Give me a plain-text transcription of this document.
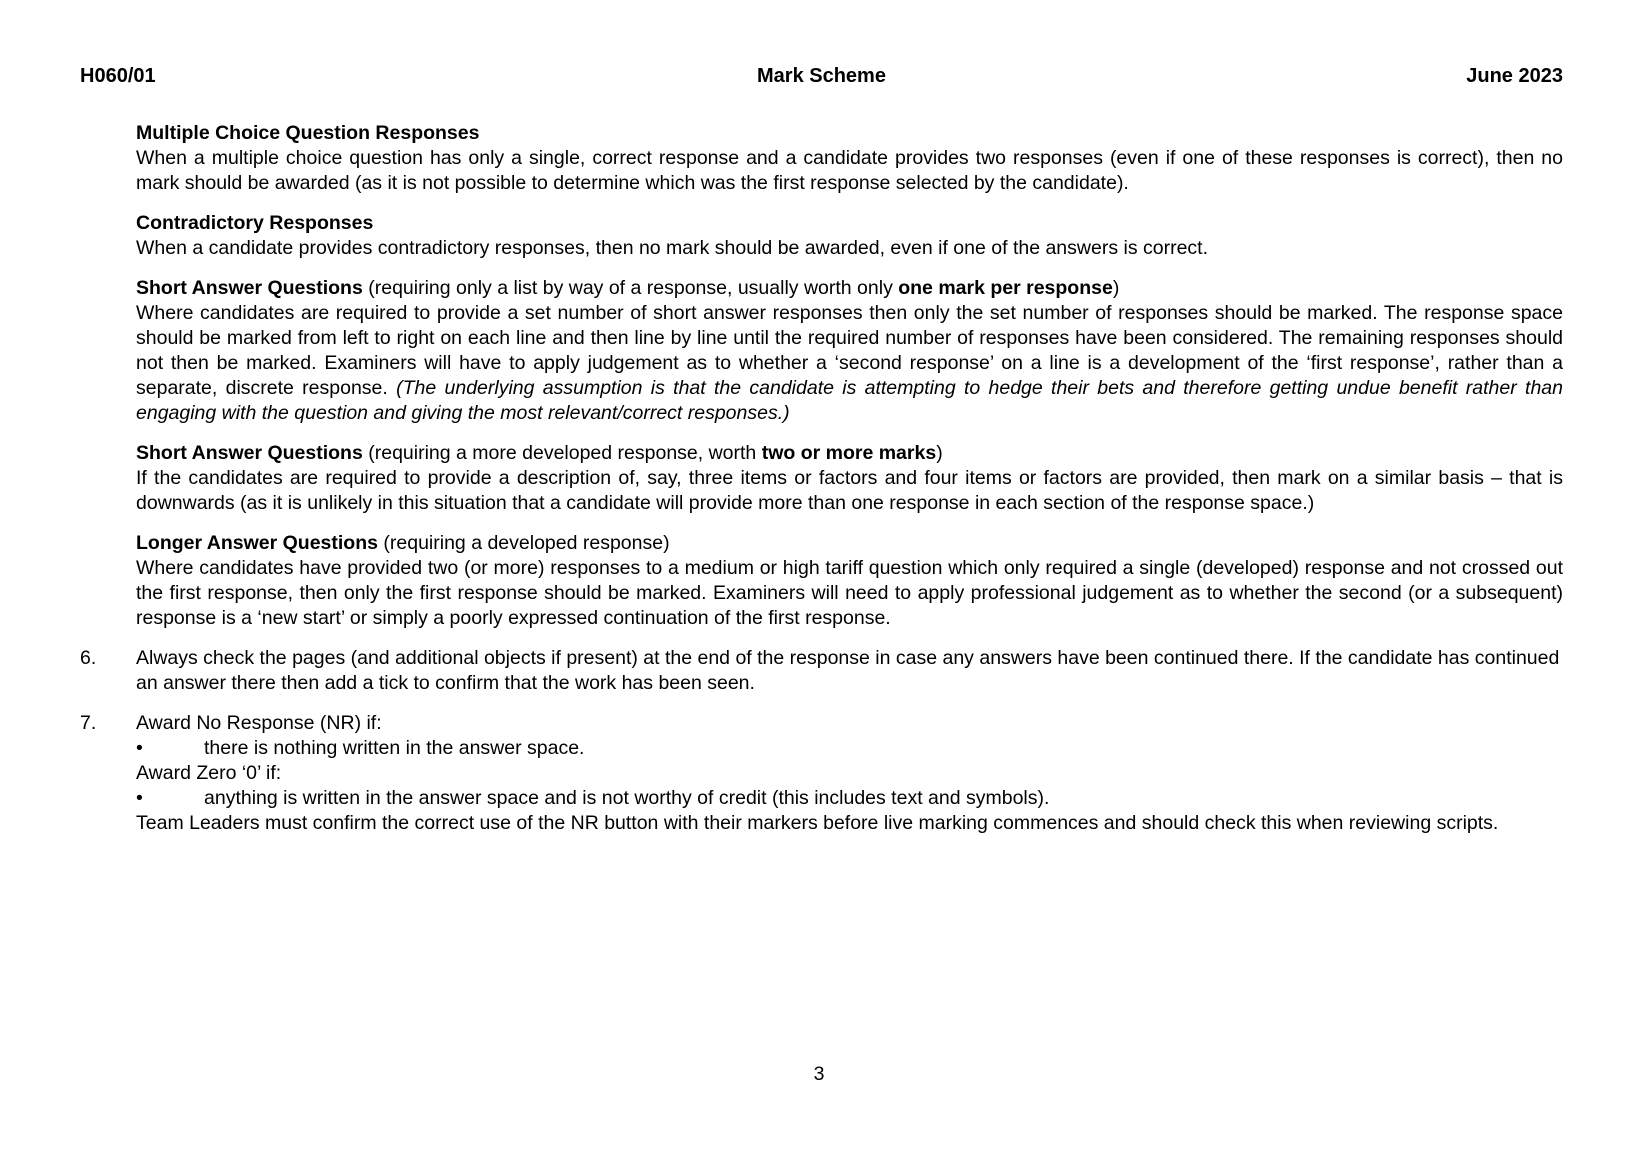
H060/01	Mark Scheme	June 2023

Multiple Choice Question Responses

When a multiple choice question has only a single, correct response and a candidate provides two responses (even if one of these responses is correct), then no mark should be awarded (as it is not possible to determine which was the first response selected by the candidate).

Contradictory Responses

When a candidate provides contradictory responses, then no mark should be awarded, even if one of the answers is correct.

Short Answer Questions (requiring only a list by way of a response, usually worth only one mark per response)

Where candidates are required to provide a set number of short answer responses then only the set number of responses should be marked. The response space should be marked from left to right on each line and then line by line until the required number of responses have been considered. The remaining responses should not then be marked. Examiners will have to apply judgement as to whether a ‘second response’ on a line is a development of the ‘first response’, rather than a separate, discrete response. (The underlying assumption is that the candidate is attempting to hedge their bets and therefore getting undue benefit rather than engaging with the question and giving the most relevant/correct responses.)

Short Answer Questions (requiring a more developed response, worth two or more marks)

If the candidates are required to provide a description of, say, three items or factors and four items or factors are provided, then mark on a similar basis – that is downwards (as it is unlikely in this situation that a candidate will provide more than one response in each section of the response space.)

Longer Answer Questions (requiring a developed response)

Where candidates have provided two (or more) responses to a medium or high tariff question which only required a single (developed) response and not crossed out the first response, then only the first response should be marked. Examiners will need to apply professional judgement as to whether the second (or a subsequent) response is a ‘new start’ or simply a poorly expressed continuation of the first response.

6.	Always check the pages (and additional objects if present) at the end of the response in case any answers have been continued there. If the candidate has continued an answer there then add a tick to confirm that the work has been seen.

7.	Award No Response (NR) if:

•	there is nothing written in the answer space.

Award Zero ‘0’ if:

•	anything is written in the answer space and is not worthy of credit (this includes text and symbols).

Team Leaders must confirm the correct use of the NR button with their markers before live marking commences and should check this when reviewing scripts.

3
